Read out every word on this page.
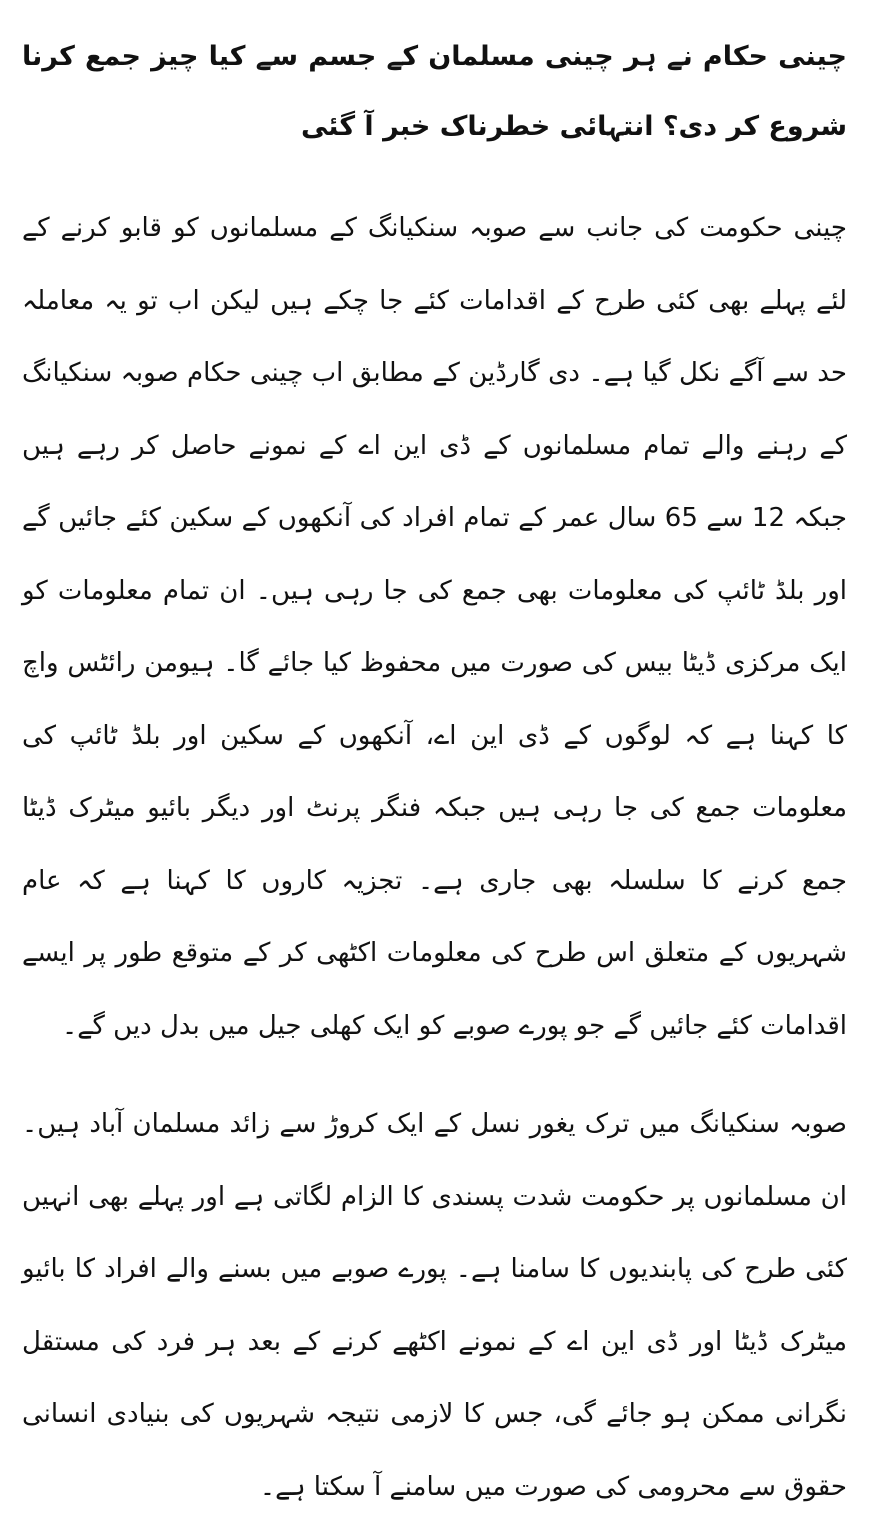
چینی حکام نے ہر چینی مسلمان کے جسم سے کیا چیز جمع کرنا شروع کر دی؟ انتہائی خطرناک خبر آ گئی

چینی حکومت کی جانب سے صوبہ سنکیانگ کے مسلمانوں کو قابو کرنے کے لئے پہلے بھی کئی طرح کے اقدامات کئے جا چکے ہیں لیکن اب تو یہ معاملہ حد سے آگے نکل گیا ہے۔ دی گارڈین کے مطابق اب چینی حکام صوبہ سنکیانگ کے رہنے والے تمام مسلمانوں کے ڈی این اے کے نمونے حاصل کر رہے ہیں جبکہ 12 سے 65 سال عمر کے تمام افراد کی آنکھوں کے سکین کئے جائیں گے اور بلڈ ٹائپ کی معلومات بھی جمع کی جا رہی ہیں۔ ان تمام معلومات کو ایک مرکزی ڈیٹا بیس کی صورت میں محفوظ کیا جائے گا۔ ہیومن رائٹس واچ کا کہنا ہے کہ لوگوں کے ڈی این اے، آنکھوں کے سکین اور بلڈ ٹائپ کی معلومات جمع کی جا رہی ہیں جبکہ فنگر پرنٹ اور دیگر بائیو میٹرک ڈیٹا جمع کرنے کا سلسلہ بھی جاری ہے۔ تجزیہ کاروں کا کہنا ہے کہ عام شہریوں کے متعلق اس طرح کی معلومات اکٹھی کر کے متوقع طور پر ایسے اقدامات کئے جائیں گے جو پورے صوبے کو ایک کھلی جیل میں بدل دیں گے۔

صوبہ سنکیانگ میں ترک یغور نسل کے ایک کروڑ سے زائد مسلمان آباد ہیں۔ ان مسلمانوں پر حکومت شدت پسندی کا الزام لگاتی ہے اور پہلے بھی انہیں کئی طرح کی پابندیوں کا سامنا ہے۔ پورے صوبے میں بسنے والے افراد کا بائیو میٹرک ڈیٹا اور ڈی این اے کے نمونے اکٹھے کرنے کے بعد ہر فرد کی مستقل نگرانی ممکن ہو جائے گی، جس کا لازمی نتیجہ شہریوں کی بنیادی انسانی حقوق سے محرومی کی صورت میں سامنے آ سکتا ہے۔
